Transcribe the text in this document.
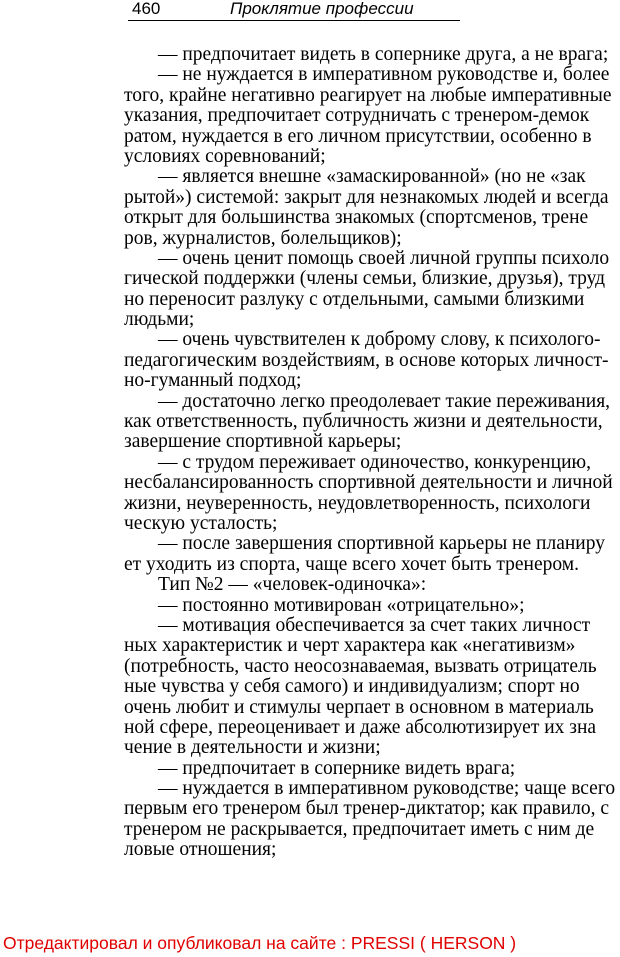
460	Проклятие профессии
— предпочитает видеть в сопернике друга, а не врага;
— не нуждается в императивном руководстве и, более
того, крайне негативно реагирует на любые императивные
указания, предпочитает сотрудничать с тренером-демок
ратом, нуждается в его личном присутствии, особенно в
условиях соревнований;
— является внешне «замаскированной» (но не «зак
рытой») системой: закрыт для незнакомых людей и всегда
открыт для большинства знакомых (спортсменов, трене
ров, журналистов, болельщиков);
— очень ценит помощь своей личной группы психоло
гической поддержки (члены семьи, близкие, друзья), труд
но переносит разлуку с отдельными, самыми близкими
людьми;
— очень чувствителен к доброму слову, к психолого-
педагогическим воздействиям, в основе которых личност-
но-гуманный подход;
— достаточно легко преодолевает такие переживания,
как ответственность, публичность жизни и деятельности,
завершение спортивной карьеры;
— с трудом переживает одиночество, конкуренцию,
несбалансированность спортивной деятельности и личной
жизни, неуверенность, неудовлетворенность, психологи
ческую усталость;
— после завершения спортивной карьеры не планиру
ет уходить из спорта, чаще всего хочет быть тренером.
Тип №2 — «человек-одиночка»:
— постоянно мотивирован «отрицательно»;
— мотивация обеспечивается за счет таких личност
ных характеристик и черт характера как «негативизм»
(потребность, часто неосознаваемая, вызвать отрицатель
ные чувства у себя самого) и индивидуализм; спорт но
очень любит и стимулы черпает в основном в материаль
ной сфере, переоценивает и даже абсолютизирует их зна
чение в деятельности и жизни;
— предпочитает в сопернике видеть врага;
— нуждается в императивном руководстве; чаще всего
первым его тренером был тренер-диктатор; как правило, с
тренером не раскрывается, предпочитает иметь с ним де
ловые отношения;
Отредактировал и опубликовал на сайте : PRESSI ( HERSON )
